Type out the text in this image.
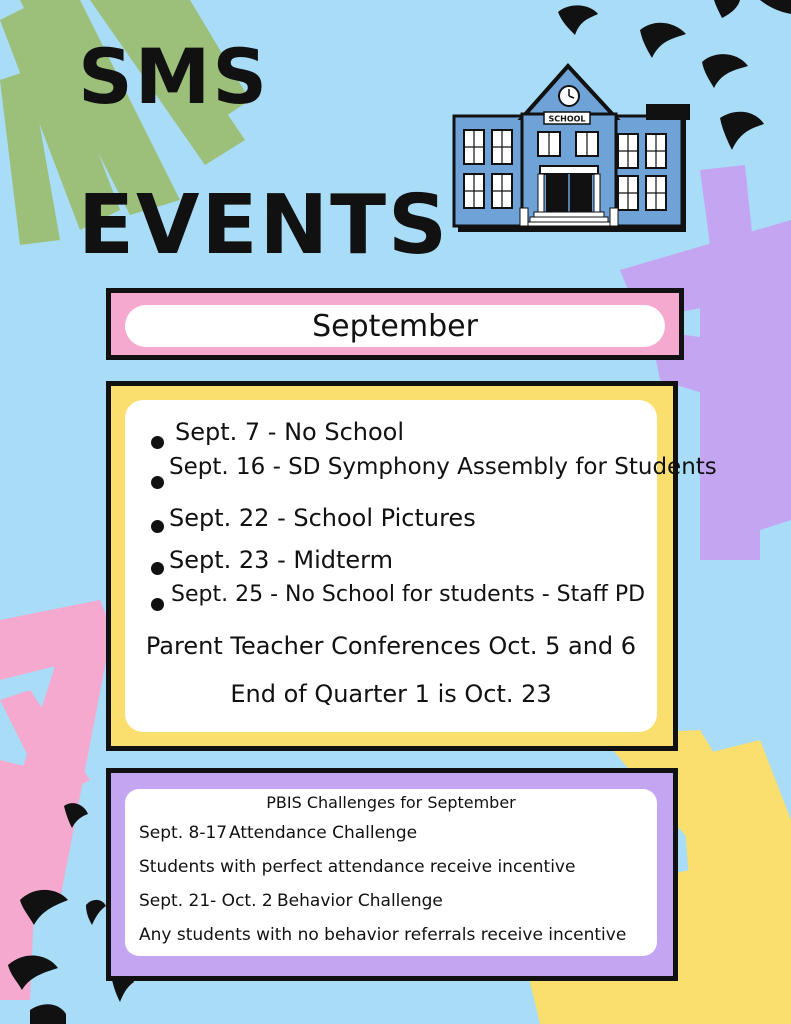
SMS
EVENTS
SCHOOL
September
Sept. 7 - No School
Sept. 16 - SD Symphony Assembly for Students
Sept. 22 - School Pictures
Sept. 23 - Midterm
Sept. 25 - No School for students - Staff PD
Parent Teacher Conferences Oct. 5 and 6
End of Quarter 1 is Oct. 23
PBIS Challenges for September
Sept. 8-17 Attendance Challenge
Students with perfect attendance receive incentive
Sept. 21- Oct. 2 Behavior Challenge
Any students with no behavior referrals receive incentive
